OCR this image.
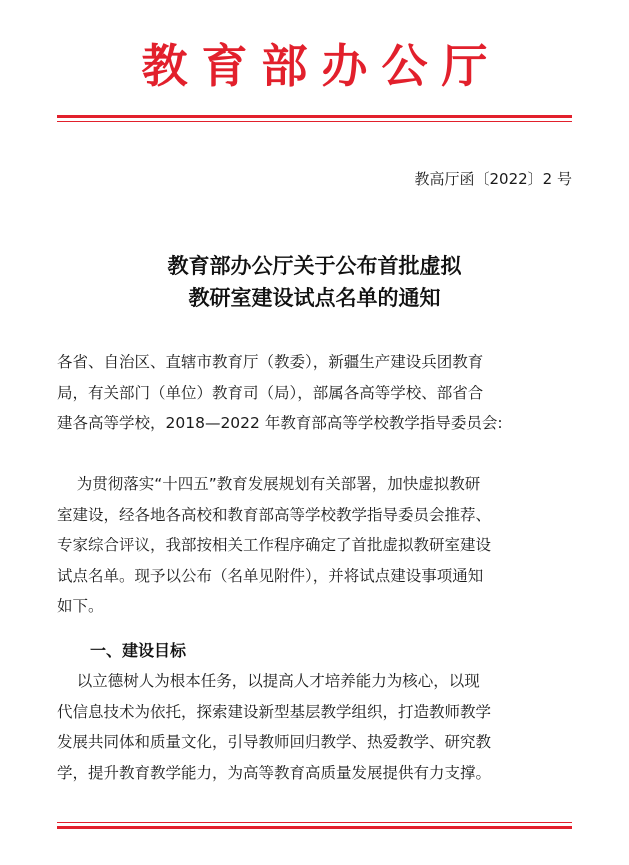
教育部办公厅
教高厅函〔2022〕2 号
教育部办公厅关于公布首批虚拟
教研室建设试点名单的通知
各省、自治区、直辖市教育厅（教委），新疆生产建设兵团教育
局，有关部门（单位）教育司（局），部属各高等学校、部省合
建各高等学校，2018—2022 年教育部高等学校教学指导委员会:
为贯彻落实“十四五”教育发展规划有关部署，加快虚拟教研
室建设，经各地各高校和教育部高等学校教学指导委员会推荐、
专家综合评议，我部按相关工作程序确定了首批虚拟教研室建设
试点名单。现予以公布（名单见附件），并将试点建设事项通知
如下。
一、建设目标
以立德树人为根本任务，以提高人才培养能力为核心，以现
代信息技术为依托，探索建设新型基层教学组织，打造教师教学
发展共同体和质量文化，引导教师回归教学、热爱教学、研究教
学，提升教育教学能力，为高等教育高质量发展提供有力支撑。
